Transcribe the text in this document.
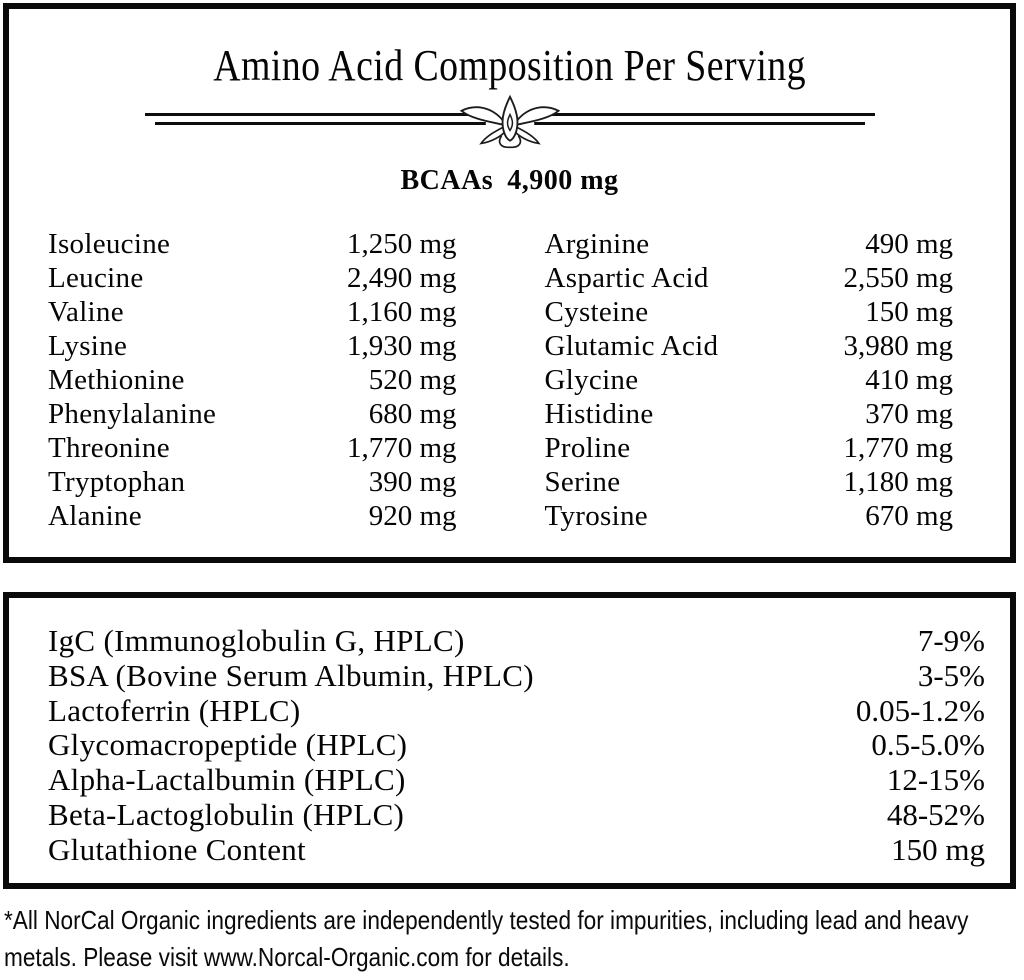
Amino Acid Composition Per Serving
BCAAs 4,900 mg
Isoleucine	1,250 mg
Leucine	2,490 mg
Valine	1,160 mg
Lysine	1,930 mg
Methionine	520 mg
Phenylalanine	680 mg
Threonine	1,770 mg
Tryptophan	390 mg
Alanine	920 mg
Arginine	490 mg
Aspartic Acid	2,550 mg
Cysteine	150 mg
Glutamic Acid	3,980 mg
Glycine	410 mg
Histidine	370 mg
Proline	1,770 mg
Serine	1,180 mg
Tyrosine	670 mg
IgC (Immunoglobulin G, HPLC)	7-9%
BSA (Bovine Serum Albumin, HPLC)	3-5%
Lactoferrin (HPLC)	0.05-1.2%
Glycomacropeptide (HPLC)	0.5-5.0%
Alpha-Lactalbumin (HPLC)	12-15%
Beta-Lactoglobulin (HPLC)	48-52%
Glutathione Content	150 mg
*All NorCal Organic ingredients are independently tested for impurities, including lead and heavy
metals. Please visit www.Norcal-Organic.com for details.
